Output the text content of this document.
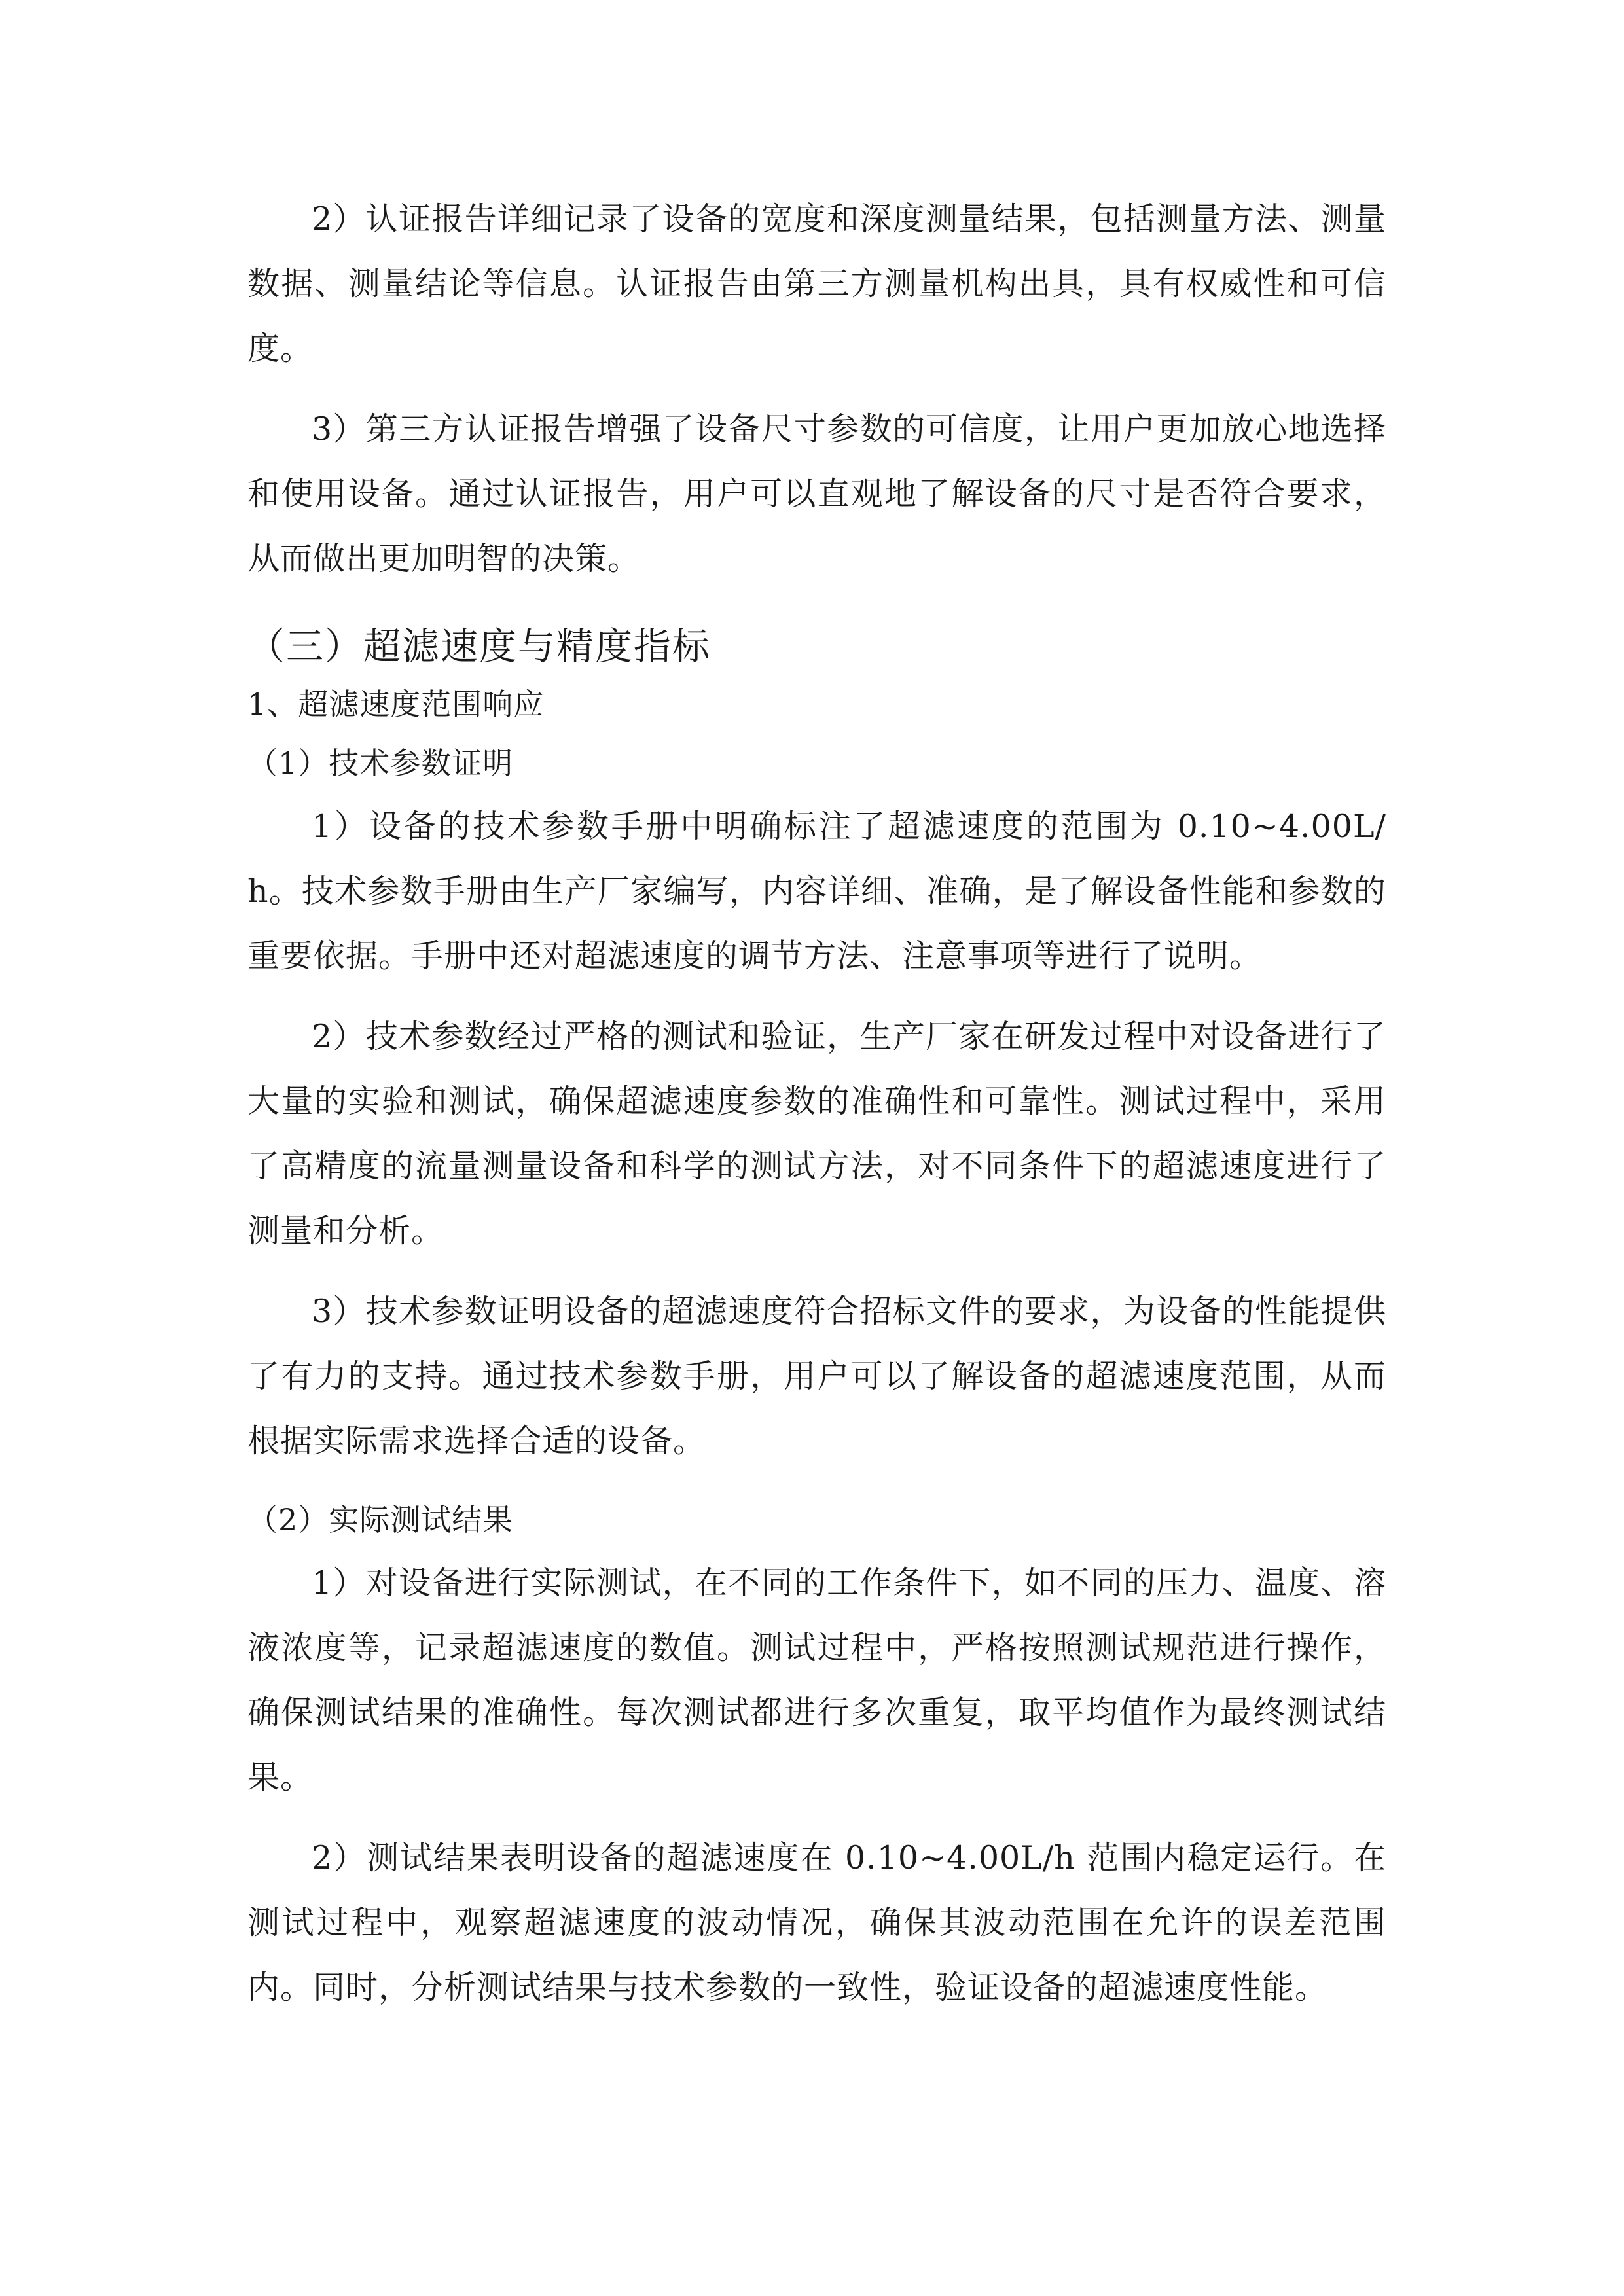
2）认证报告详细记录了设备的宽度和深度测量结果，包括测量方法、测量数据、测量结论等信息。认证报告由第三方测量机构出具，具有权威性和可信度。

3）第三方认证报告增强了设备尺寸参数的可信度，让用户更加放心地选择和使用设备。通过认证报告，用户可以直观地了解设备的尺寸是否符合要求，从而做出更加明智的决策。

（三）超滤速度与精度指标
1、超滤速度范围响应
（1）技术参数证明

1）设备的技术参数手册中明确标注了超滤速度的范围为 0.10~4.00L/h。技术参数手册由生产厂家编写，内容详细、准确，是了解设备性能和参数的重要依据。手册中还对超滤速度的调节方法、注意事项等进行了说明。

2）技术参数经过严格的测试和验证，生产厂家在研发过程中对设备进行了大量的实验和测试，确保超滤速度参数的准确性和可靠性。测试过程中，采用了高精度的流量测量设备和科学的测试方法，对不同条件下的超滤速度进行了测量和分析。

3）技术参数证明设备的超滤速度符合招标文件的要求，为设备的性能提供了有力的支持。通过技术参数手册，用户可以了解设备的超滤速度范围，从而根据实际需求选择合适的设备。

（2）实际测试结果

1）对设备进行实际测试，在不同的工作条件下，如不同的压力、温度、溶液浓度等，记录超滤速度的数值。测试过程中，严格按照测试规范进行操作，确保测试结果的准确性。每次测试都进行多次重复，取平均值作为最终测试结果。

2）测试结果表明设备的超滤速度在 0.10~4.00L/h 范围内稳定运行。在测试过程中，观察超滤速度的波动情况，确保其波动范围在允许的误差范围内。同时，分析测试结果与技术参数的一致性，验证设备的超滤速度性能。
